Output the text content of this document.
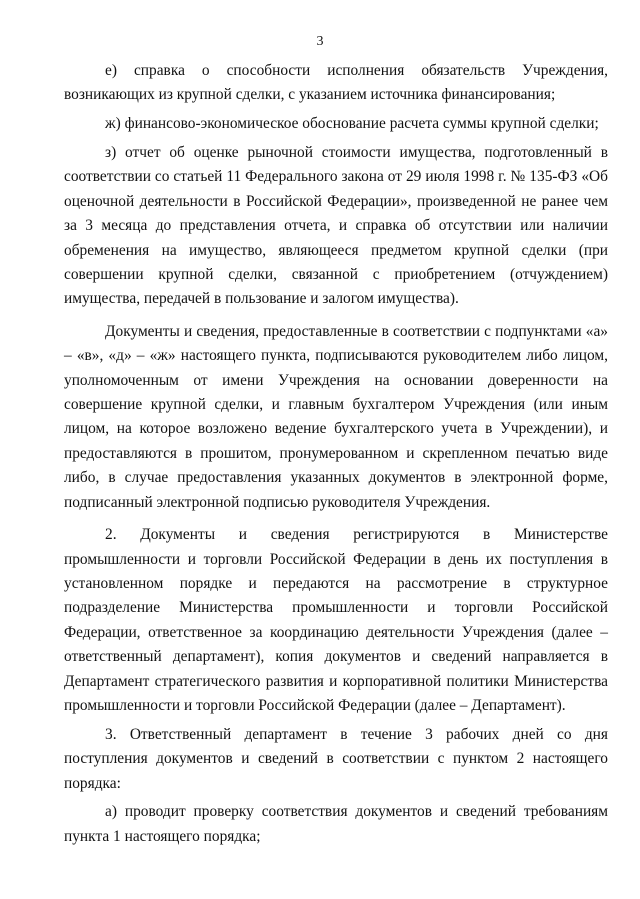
3

е) справка о способности исполнения обязательств Учреждения, возникающих из крупной сделки, с указанием источника финансирования;

ж) финансово-экономическое обоснование расчета суммы крупной сделки;

з) отчет об оценке рыночной стоимости имущества, подготовленный в соответствии со статьей 11 Федерального закона от 29 июля 1998 г. № 135-ФЗ «Об оценочной деятельности в Российской Федерации», произведенной не ранее чем за 3 месяца до представления отчета, и справка об отсутствии или наличии обременения на имущество, являющееся предметом крупной сделки (при совершении крупной сделки, связанной с приобретением (отчуждением) имущества, передачей в пользование и залогом имущества).

Документы и сведения, предоставленные в соответствии с подпунктами «а» – «в», «д» – «ж» настоящего пункта, подписываются руководителем либо лицом, уполномоченным от имени Учреждения на основании доверенности на совершение крупной сделки, и главным бухгалтером Учреждения (или иным лицом, на которое возложено ведение бухгалтерского учета в Учреждении), и предоставляются в прошитом, пронумерованном и скрепленном печатью виде либо, в случае предоставления указанных документов в электронной форме, подписанный электронной подписью руководителя Учреждения.

2. Документы и сведения регистрируются в Министерстве промышленности и торговли Российской Федерации в день их поступления в установленном порядке и передаются на рассмотрение в структурное подразделение Министерства промышленности и торговли Российской Федерации, ответственное за координацию деятельности Учреждения (далее – ответственный департамент), копия документов и сведений направляется в Департамент стратегического развития и корпоративной политики Министерства промышленности и торговли Российской Федерации (далее – Департамент).

3. Ответственный департамент в течение 3 рабочих дней со дня поступления документов и сведений в соответствии с пунктом 2 настоящего порядка:

а) проводит проверку соответствия документов и сведений требованиям пункта 1 настоящего порядка;
